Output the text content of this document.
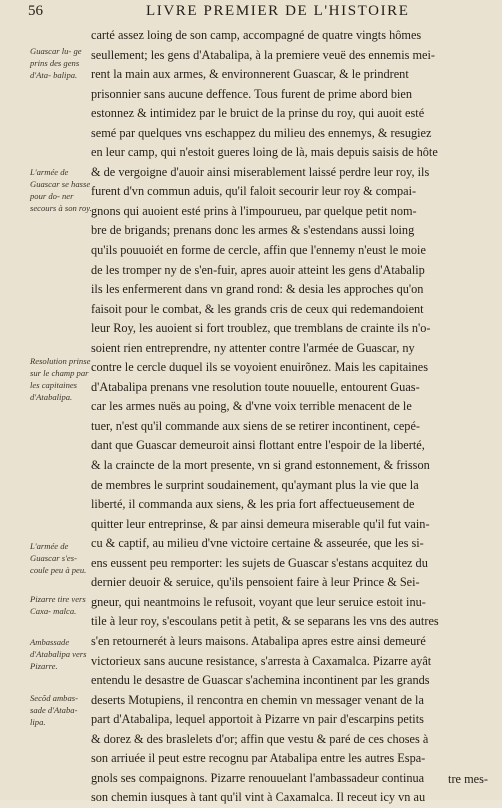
56	LIVRE PREMIER DE L'HISTOIRE
Guascar lu- ge prins des gens d'Ata- balipa.
L'armée de Guascar se hasse pour do- ner secours à son roy.
Resolution prinse sur le champ par les capitaines d'Atabalipa.
L'armée de Guascar s'es- coule peu à peu.
Pizarre tire vers Caxa- malca.
Ambassade d'Atabalipa vers Pizarre.
Secõd ambas- sade d'Ataba- lipa.
carté assez loing de son camp, accompagné de quatre vingts hômes
seullement; les gens d'Atabalipa, à la premiere veuë des ennemis mei-
rent la main aux armes, & environnerent Guascar, & le prindrent
prisonnier sans aucune deffence. Tous furent de prime abord bien
estonnez & intimidez par le bruict de la prinse du roy, qui auoit esté
semé par quelques vns eschappez du milieu des ennemys, & resugiez
en leur camp, qui n'estoit gueres loing de là, mais depuis saisis de hôte
& de vergoigne d'auoir ainsi miserablement laissé perdre leur roy, ils
furent d'vn commun aduis, qu'il faloit secourir leur roy & compai-
gnons qui auoient esté prins à l'impourueu, par quelque petit nom-
bre de brigands; prenans donc les armes & s'estendans aussi loing
qu'ils pouuoiét en forme de cercle, affin que l'ennemy n'eust le moie
de les tromper ny de s'en-fuir, apres auoir atteint les gens d'Atabalip
ils les enfermerent dans vn grand rond: & desia les approches qu'on
faisoit pour le combat, & les grands cris de ceux qui redemandoient
leur Roy, les auoient si fort troublez, que tremblans de crainte ils n'o-
soient rien entreprendre, ny attenter contre l'armée de Guascar, ny
contre le cercle duquel ils se voyoient enuirõnez. Mais les capitaines
d'Atabalipa prenans vne resolution toute nouuelle, entourent Guas-
car les armes nuës au poing, & d'vne voix terrible menacent de le
tuer, n'est qu'il commande aux siens de se retirer incontinent, cepé-
dant que Guascar demeuroit ainsi flottant entre l'espoir de la liberté,
& la craincte de la mort presente, vn si grand estonnement, & frisson
de membres le surprint soudainement, qu'aymant plus la vie que la
liberté, il commanda aux siens, & les pria fort affectueusement de
quitter leur entreprinse, & par ainsi demeura miserable qu'il fut vain-
cu & captif, au milieu d'vne victoire certaine & asseurée, que les si-
ens eussent peu remporter: les sujets de Guascar s'estans acquitez du
dernier deuoir & seruice, qu'ils pensoient faire à leur Prince & Sei-
gneur, qui neantmoins le refusoit, voyant que leur seruice estoit inu-
tile à leur roy, s'escoulans petit à petit, & se separans les vns des autres
s'en retournerét à leurs maisons. Atabalipa apres estre ainsi demeuré
victorieux sans aucune resistance, s'arresta à Caxamalca. Pizarre ayât
entendu le desastre de Guascar s'achemina incontinent par les grands
deserts Motupiens, il rencontra en chemin vn messager venant de la
part d'Atabalipa, lequel apportoit à Pizarre vn pair d'escarpins petits
& dorez & des braslelets d'or; affin que vestu & paré de ces choses à
son arriuée il peut estre recognu par Atabalipa entre les autres Espa-
gnols ses compaignons. Pizarre renouuelant l'ambassadeur continua
son chemin iusques à tant qu'il vint à Caxamalca. Il receut icy vn au
tre mes-
